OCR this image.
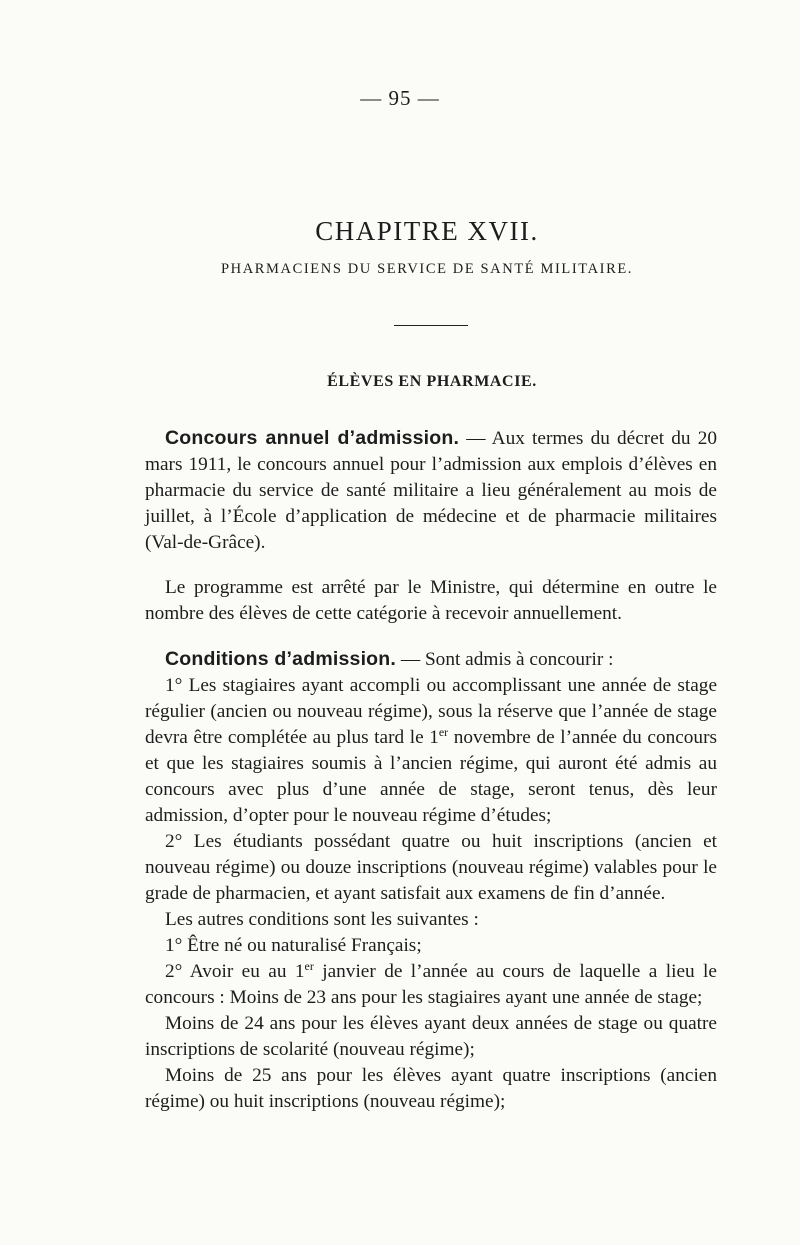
— 95 —
CHAPITRE XVII.
PHARMACIENS DU SERVICE DE SANTÉ MILITAIRE.
ÉLÈVES EN PHARMACIE.

Concours annuel d’admission. — Aux termes du décret du 20 mars 1911, le concours annuel pour l’admission aux emplois d’élèves en pharmacie du service de santé militaire a lieu généralement au mois de juillet, à l’École d’application de médecine et de pharmacie militaires (Val-de-Grâce).

Le programme est arrêté par le Ministre, qui détermine en outre le nombre des élèves de cette catégorie à recevoir annuellement.

Conditions d’admission. — Sont admis à concourir :

1° Les stagiaires ayant accompli ou accomplissant une année de stage régulier (ancien ou nouveau régime), sous la réserve que l’année de stage devra être complétée au plus tard le 1er novembre de l’année du concours et que les stagiaires soumis à l’ancien régime, qui auront été admis au concours avec plus d’une année de stage, seront tenus, dès leur admission, d’opter pour le nouveau régime d’études;

2° Les étudiants possédant quatre ou huit inscriptions (ancien et nouveau régime) ou douze inscriptions (nouveau régime) valables pour le grade de pharmacien, et ayant satisfait aux examens de fin d’année.

Les autres conditions sont les suivantes :

1° Être né ou naturalisé Français;

2° Avoir eu au 1er janvier de l’année au cours de laquelle a lieu le concours : Moins de 23 ans pour les stagiaires ayant une année de stage;

Moins de 24 ans pour les élèves ayant deux années de stage ou quatre inscriptions de scolarité (nouveau régime);

Moins de 25 ans pour les élèves ayant quatre inscriptions (ancien régime) ou huit inscriptions (nouveau régime);
